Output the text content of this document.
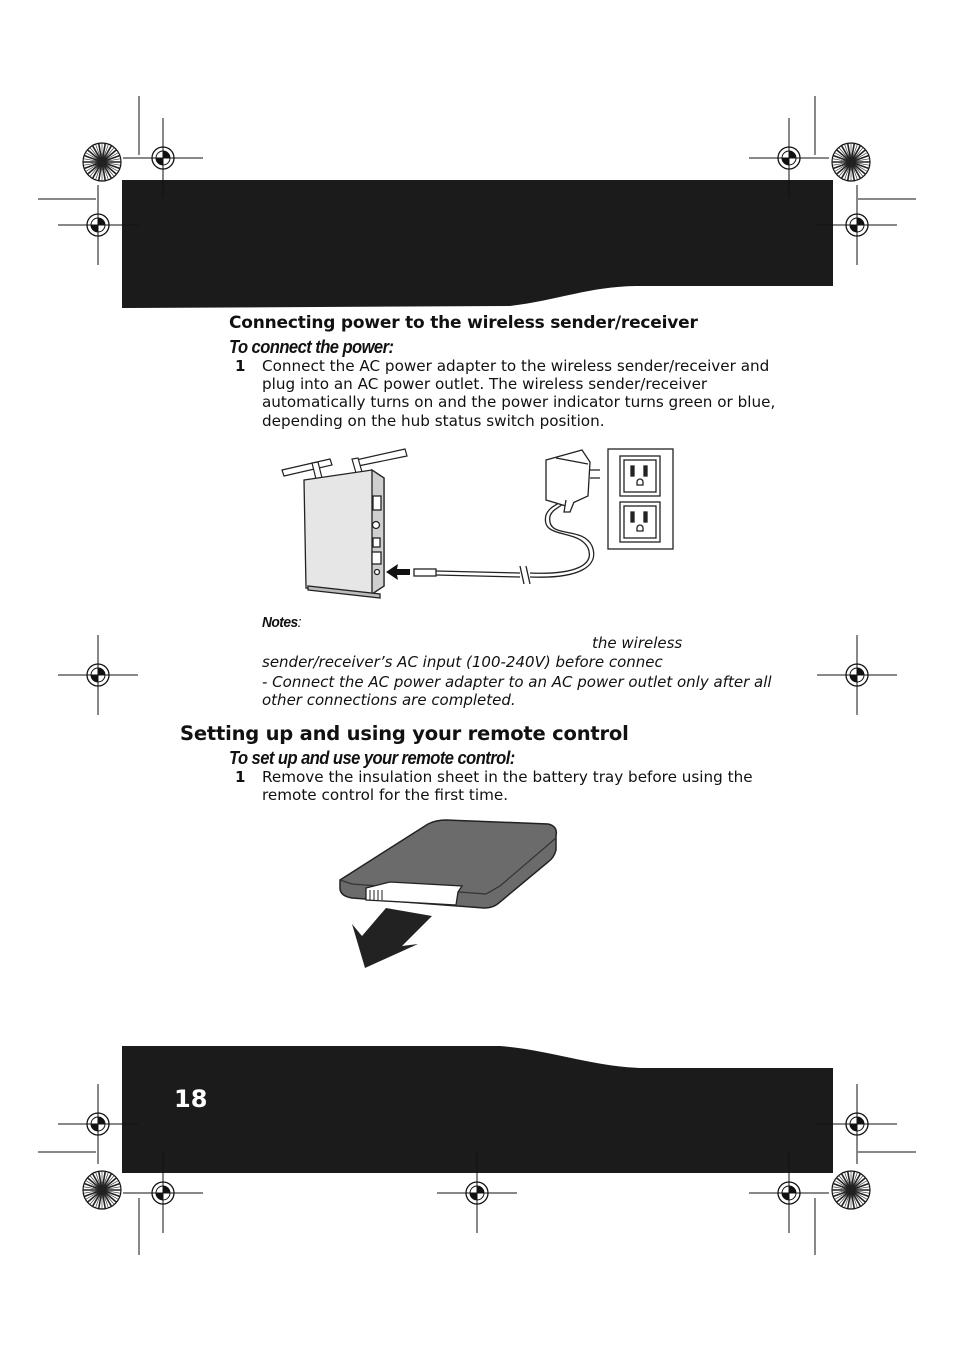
Connecting power to the wireless sender/receiver
To connect the power:
1 Connect the AC power adapter to the wireless sender/receiver and
plug into an AC power outlet. The wireless sender/receiver
automatically turns on and the power indicator turns green or blue,
depending on the hub status switch position.
Notes:
the wireless
sender/receiver’s AC input (100-240V) before connec
- Connect the AC power adapter to an AC power outlet only after all
other connections are completed.
Setting up and using your remote control
To set up and use your remote control:
1 Remove the insulation sheet in the battery tray before using the
remote control for the first time.
18
